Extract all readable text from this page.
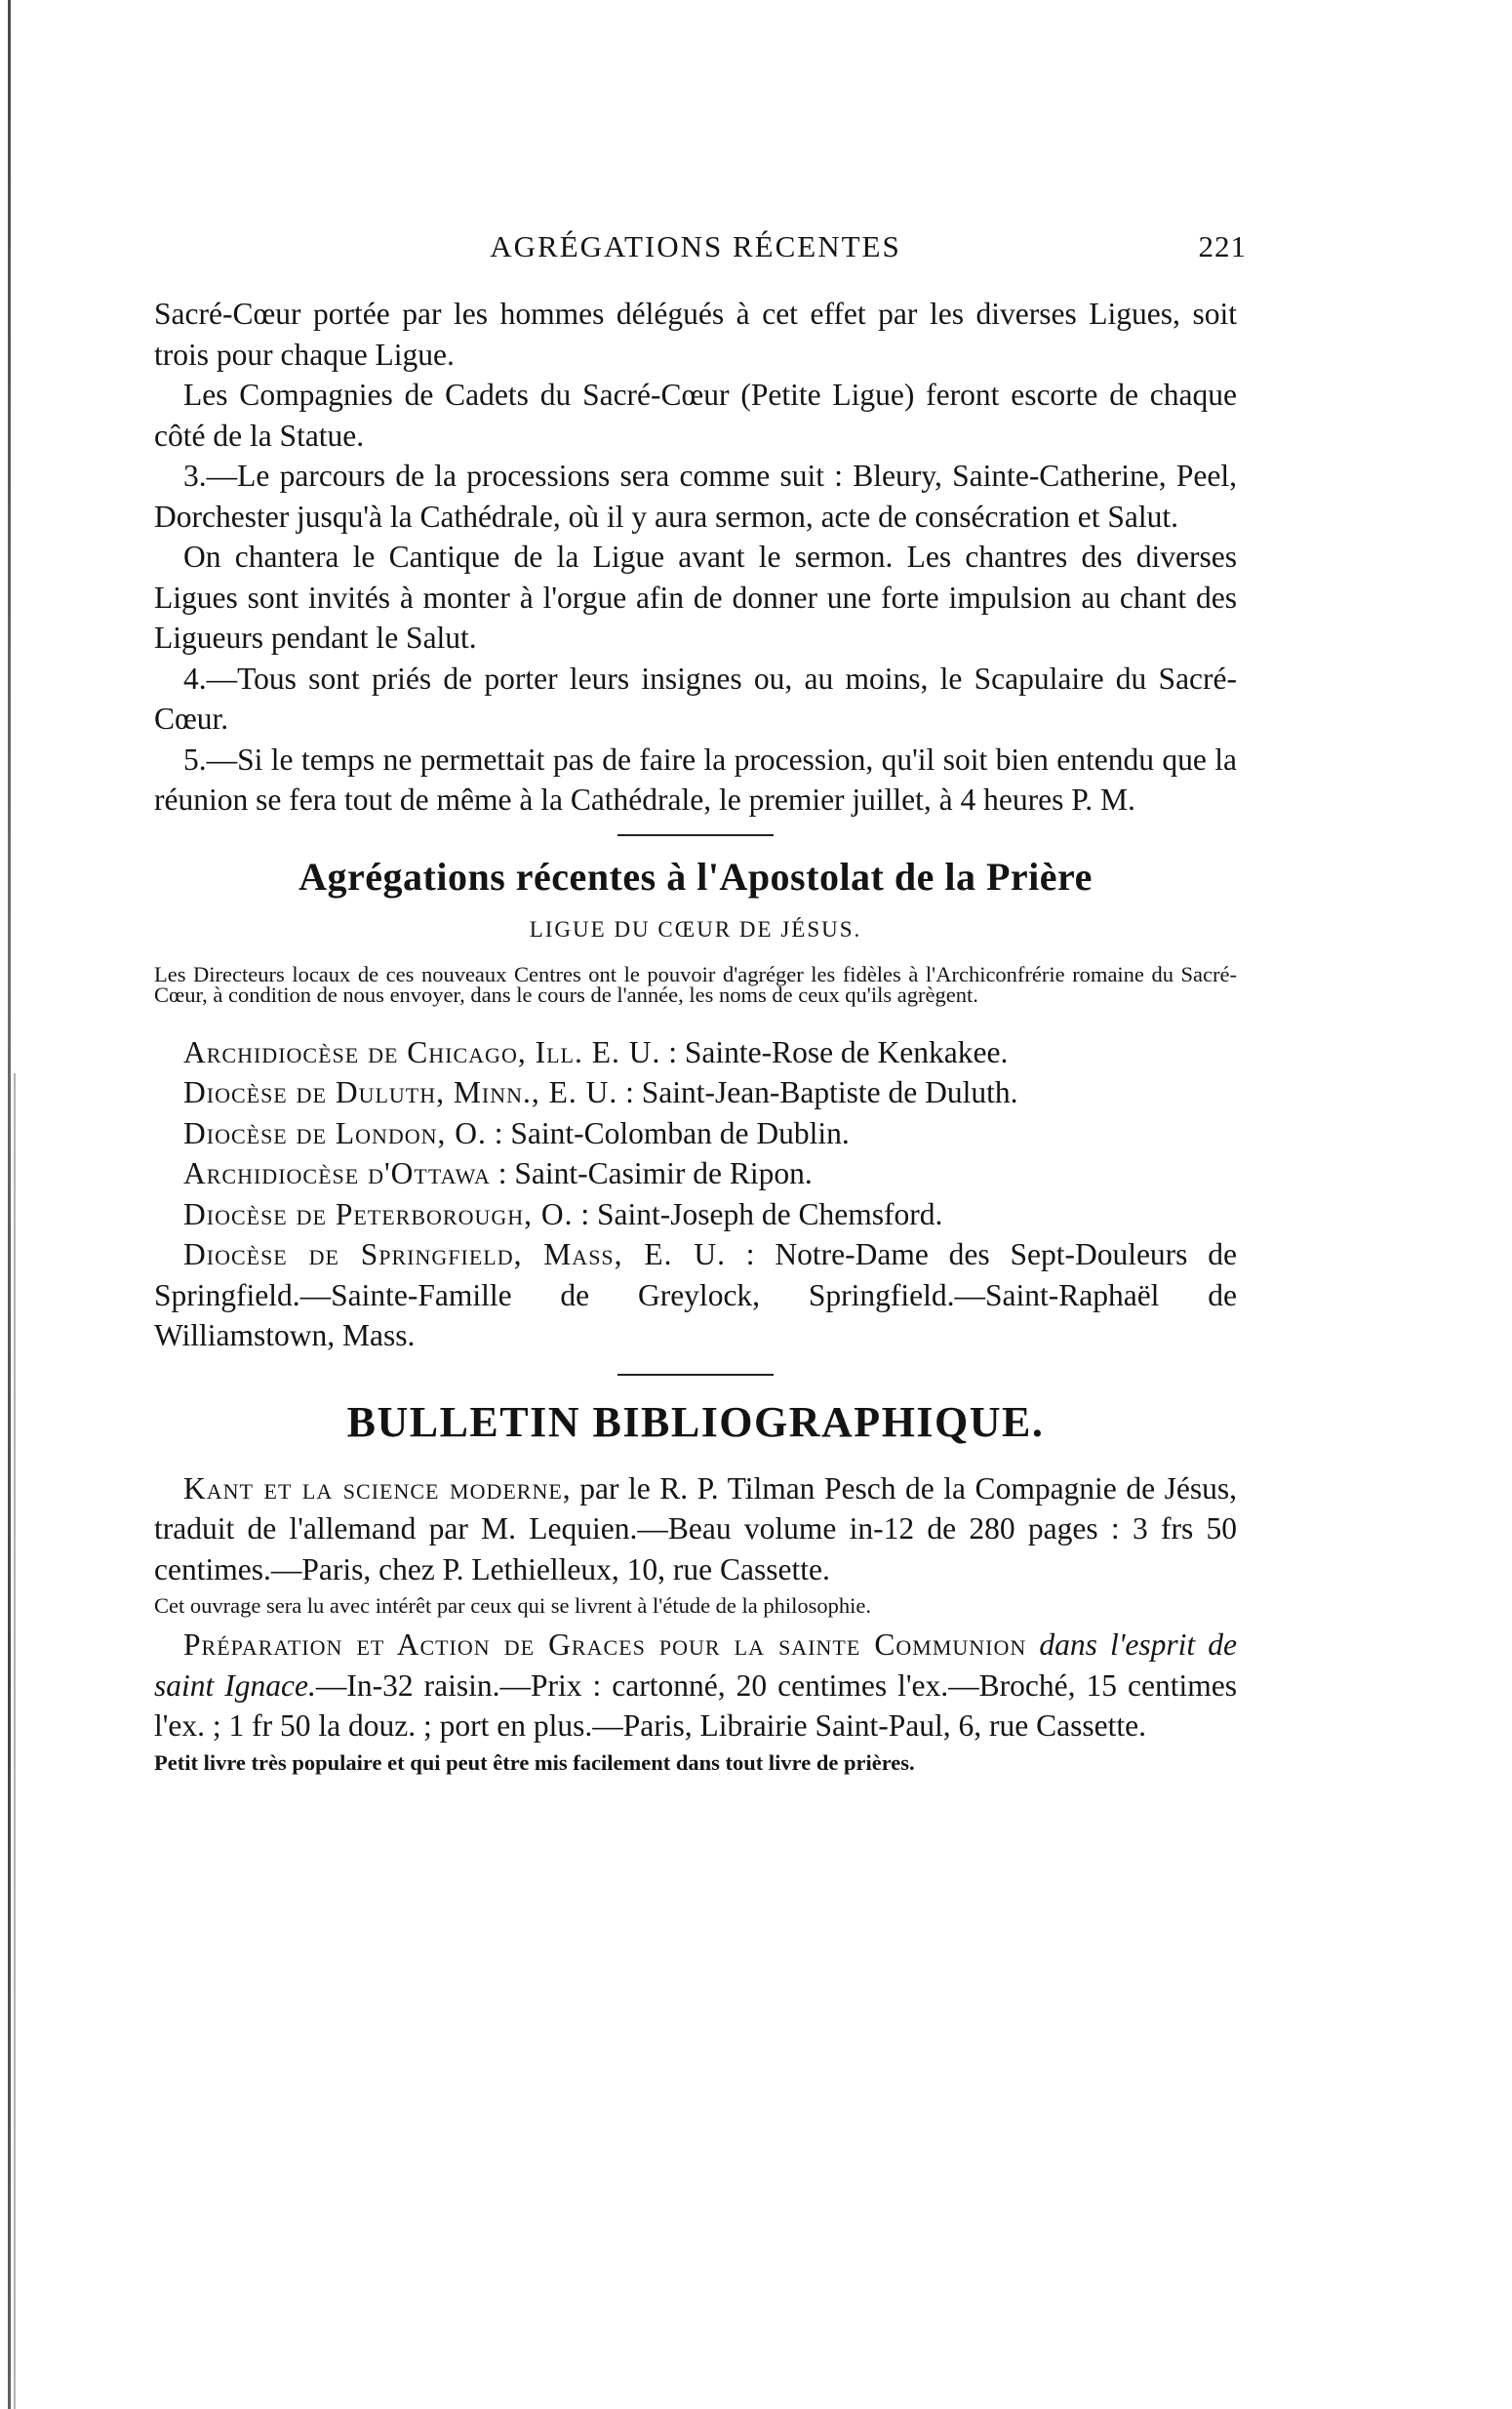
AGRÉGATIONS RÉCENTES	221

Sacré-Cœur portée par les hommes délégués à cet effet par les diverses Ligues, soit trois pour chaque Ligue.

Les Compagnies de Cadets du Sacré-Cœur (Petite Ligue) feront escorte de chaque côté de la Statue.

3.—Le parcours de la processions sera comme suit : Bleury, Sainte-Catherine, Peel, Dorchester jusqu'à la Cathédrale, où il y aura sermon, acte de consécration et Salut.

On chantera le Cantique de la Ligue avant le sermon. Les chantres des diverses Ligues sont invités à monter à l'orgue afin de donner une forte impulsion au chant des Ligueurs pendant le Salut.

4.—Tous sont priés de porter leurs insignes ou, au moins, le Scapulaire du Sacré-Cœur.

5.—Si le temps ne permettait pas de faire la procession, qu'il soit bien entendu que la réunion se fera tout de même à la Cathédrale, le premier juillet, à 4 heures P. M.

Agrégations récentes à l'Apostolat de la Prière
LIGUE DU CŒUR DE JÉSUS.

Les Directeurs locaux de ces nouveaux Centres ont le pouvoir d'agréger les fidèles à l'Archiconfrérie romaine du Sacré-Cœur, à condition de nous envoyer, dans le cours de l'année, les noms de ceux qu'ils agrègent.

Archidiocèse de Chicago, Ill. E. U. : Sainte-Rose de Kenkakee.

Diocèse de Duluth, Minn., E. U. : Saint-Jean-Baptiste de Duluth.

Diocèse de London, O. : Saint-Colomban de Dublin.

Archidiocèse d'Ottawa : Saint-Casimir de Ripon.

Diocèse de Peterborough, O. : Saint-Joseph de Chemsford.

Diocèse de Springfield, Mass, E. U. : Notre-Dame des Sept-Douleurs de Springfield.—Sainte-Famille de Greylock, Springfield.—Saint-Raphaël de Williamstown, Mass.

BULLETIN BIBLIOGRAPHIQUE.

Kant et la science moderne, par le R. P. Tilman Pesch de la Compagnie de Jésus, traduit de l'allemand par M. Lequien.—Beau volume in-12 de 280 pages : 3 frs 50 centimes.—Paris, chez P. Lethielleux, 10, rue Cassette.

Cet ouvrage sera lu avec intérêt par ceux qui se livrent à l'étude de la philosophie.

Préparation et Action de Graces pour la sainte Communion dans l'esprit de saint Ignace.—In-32 raisin.—Prix : cartonné, 20 centimes l'ex.—Broché, 15 centimes l'ex. ; 1 fr 50 la douz. ; port en plus.—Paris, Librairie Saint-Paul, 6, rue Cassette.

Petit livre très populaire et qui peut être mis facilement dans tout livre de prières.
